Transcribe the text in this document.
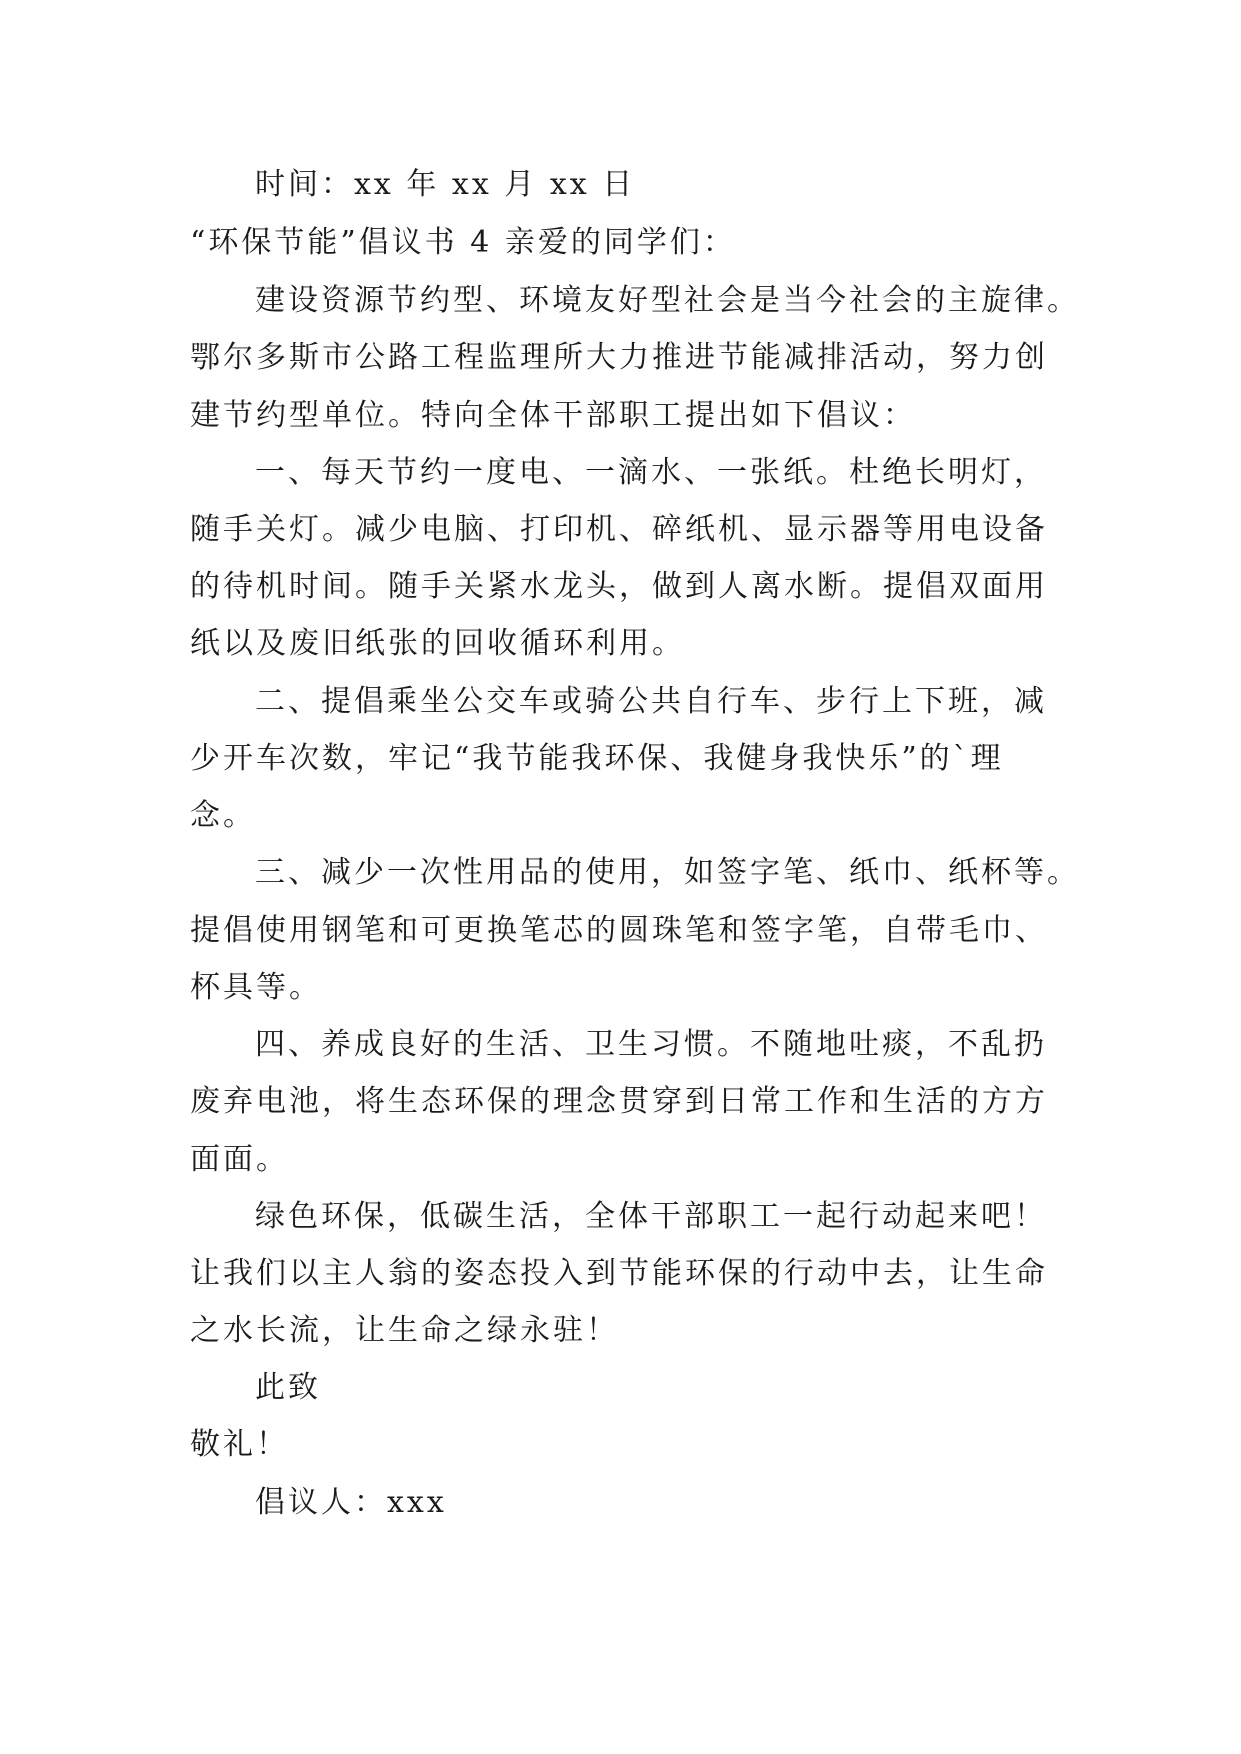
时间：xx 年 xx 月 xx 日
“环保节能”倡议书 4 亲爱的同学们：
建设资源节约型、环境友好型社会是当今社会的主旋律。
鄂尔多斯市公路工程监理所大力推进节能减排活动，努力创
建节约型单位。特向全体干部职工提出如下倡议：
一、每天节约一度电、一滴水、一张纸。杜绝长明灯，
随手关灯。减少电脑、打印机、碎纸机、显示器等用电设备
的待机时间。随手关紧水龙头，做到人离水断。提倡双面用
纸以及废旧纸张的回收循环利用。
二、提倡乘坐公交车或骑公共自行车、步行上下班，减
少开车次数，牢记“我节能我环保、我健身我快乐”的`理
念。
三、减少一次性用品的使用，如签字笔、纸巾、纸杯等。
提倡使用钢笔和可更换笔芯的圆珠笔和签字笔，自带毛巾、
杯具等。
四、养成良好的生活、卫生习惯。不随地吐痰，不乱扔
废弃电池，将生态环保的理念贯穿到日常工作和生活的方方
面面。
绿色环保，低碳生活，全体干部职工一起行动起来吧！
让我们以主人翁的姿态投入到节能环保的行动中去，让生命
之水长流，让生命之绿永驻！
此致
敬礼！
倡议人：xxx
